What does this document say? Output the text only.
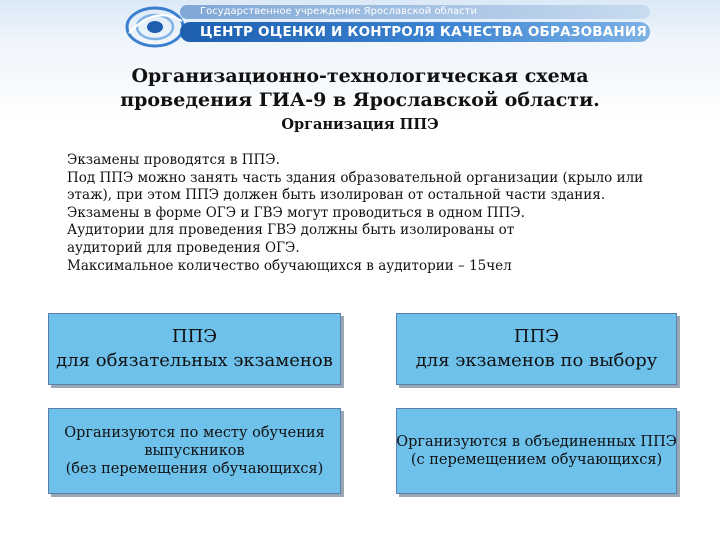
Государственное учреждение Ярославской области
ЦЕНТР ОЦЕНКИ И КОНТРОЛЯ КАЧЕСТВА ОБРАЗОВАНИЯ
Организационно-технологическая схема
проведения ГИА-9 в Ярославской области.
Организация ППЭ
Экзамены проводятся в ППЭ.
Под ППЭ можно занять часть здания образовательной организации (крыло или
этаж), при этом ППЭ должен быть изолирован от остальной части здания.
Экзамены в форме ОГЭ и ГВЭ могут проводиться в одном ППЭ.
Аудитории для проведения ГВЭ должны быть изолированы от
аудиторий для проведения ОГЭ.
Максимальное количество обучающихся в аудитории – 15чел
ППЭ
для обязательных экзаменов
ППЭ
для экзаменов по выбору
Организуются по месту обучения
выпускников
(без перемещения обучающихся)
Организуются в объединенных ППЭ
(с перемещением обучающихся)
